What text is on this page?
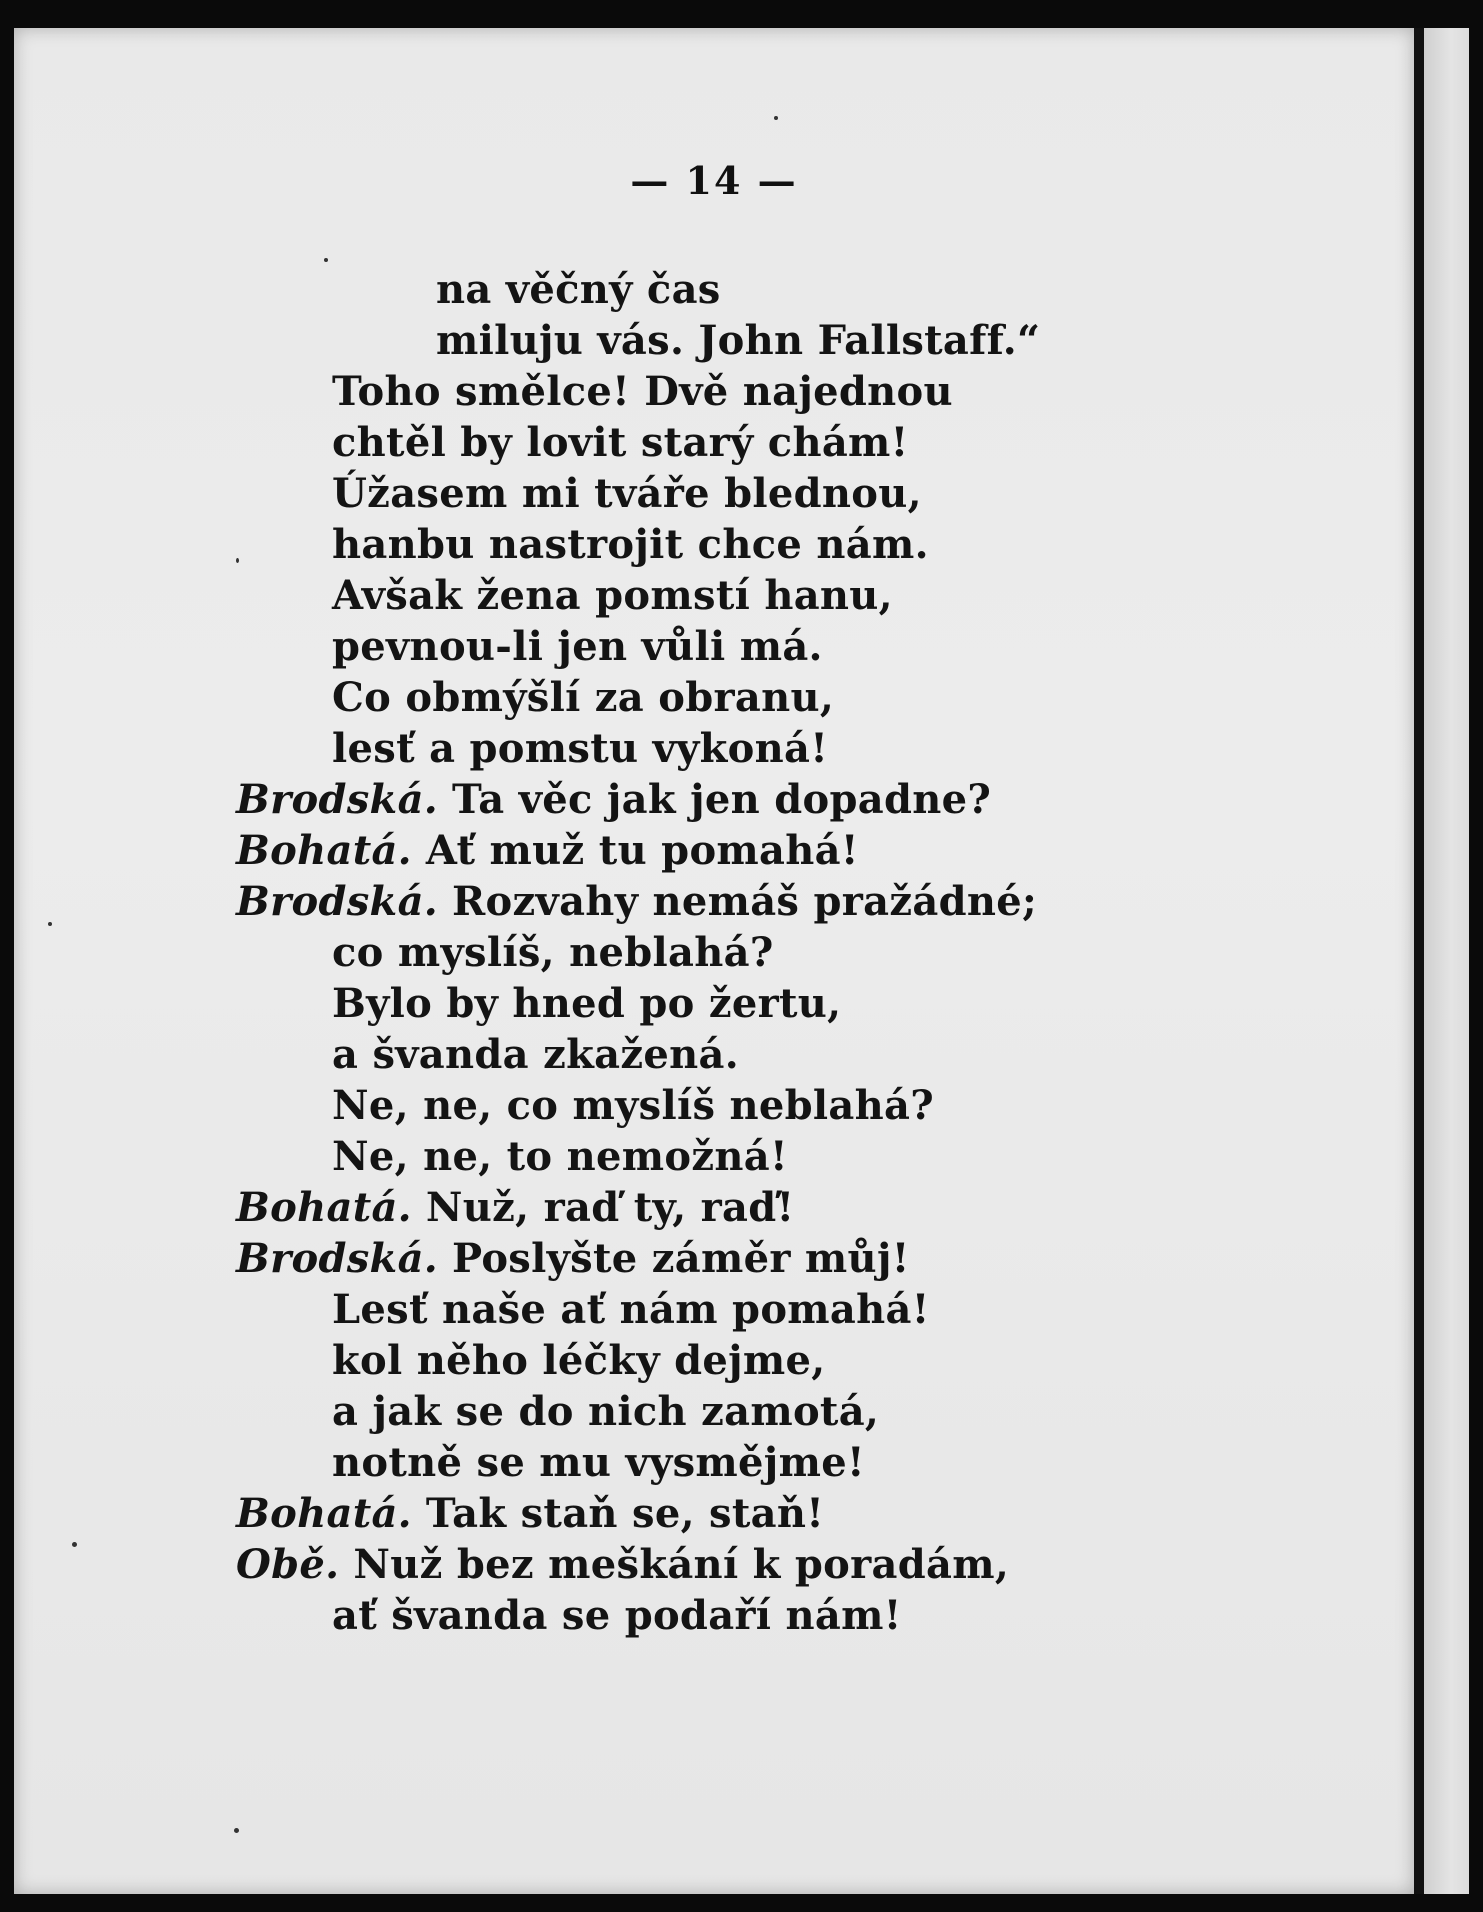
— 14 —
na věčný čas
miluju vás. John Fallstaff.“
Toho smělce! Dvě najednou
chtěl by lovit starý chám!
Úžasem mi tváře blednou,
hanbu nastrojit chce nám.
Avšak žena pomstí hanu,
pevnou-li jen vůli má.
Co obmýšlí za obranu,
lesť a pomstu vykoná!
Brodská. Ta věc jak jen dopadne?
Bohatá. Ať muž tu pomahá!
Brodská. Rozvahy nemáš pražádné;
co myslíš, neblahá?
Bylo by hned po žertu,
a švanda zkažená.
Ne, ne, co myslíš neblahá?
Ne, ne, to nemožná!
Bohatá. Nuž, raď ty, raď!
Brodská. Poslyšte záměr můj!
Lesť naše ať nám pomahá!
kol něho léčky dejme,
a jak se do nich zamotá,
notně se mu vysmějme!
Bohatá. Tak staň se, staň!
Obě. Nuž bez meškání k poradám,
ať švanda se podaří nám!
